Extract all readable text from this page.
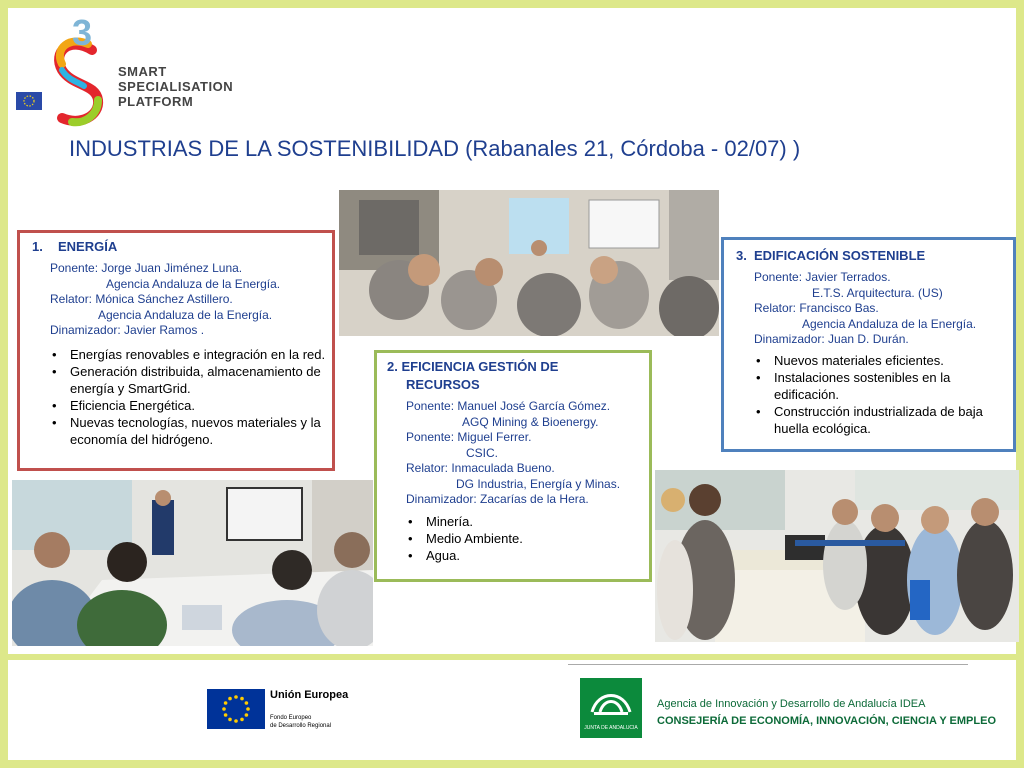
3
SMART
SPECIALISATION
PLATFORM
INDUSTRIAS DE LA SOSTENIBILIDAD (Rabanales 21, Córdoba - 02/07) )
1. ENERGÍA
Ponente: Jorge Juan Jiménez Luna.
Agencia Andaluza de la Energía.
Relator: Mónica Sánchez Astillero.
Agencia Andaluza de la Energía.
Dinamizador: Javier Ramos .
• Energías renovables e integración en la red.
• Generación distribuida, almacenamiento de energía y SmartGrid.
• Eficiencia Energética.
• Nuevas tecnologías, nuevos materiales y la economía del hidrógeno.
2. EFICIENCIA GESTIÓN DE
RECURSOS
Ponente: Manuel José García Gómez.
AGQ Mining & Bioenergy.
Ponente: Miguel Ferrer.
CSIC.
Relator: Inmaculada Bueno.
DG Industria, Energía y Minas.
Dinamizador: Zacarías de la Hera.
• Minería.
• Medio Ambiente.
• Agua.
3. EDIFICACIÓN SOSTENIBLE
Ponente: Javier Terrados.
E.T.S. Arquitectura. (US)
Relator: Francisco Bas.
Agencia Andaluza de la Energía.
Dinamizador: Juan D. Durán.
• Nuevos materiales eficientes.
• Instalaciones sostenibles en la edificación.
• Construcción industrializada de baja huella ecológica.
Unión Europea
Fondo Europeo
de Desarrollo Regional	JUNTA DE ANDALUCIA
Agencia de Innovación y Desarrollo de Andalucía IDEA
CONSEJERÍA DE ECONOMÍA, INNOVACIÓN, CIENCIA Y EMPLEO
